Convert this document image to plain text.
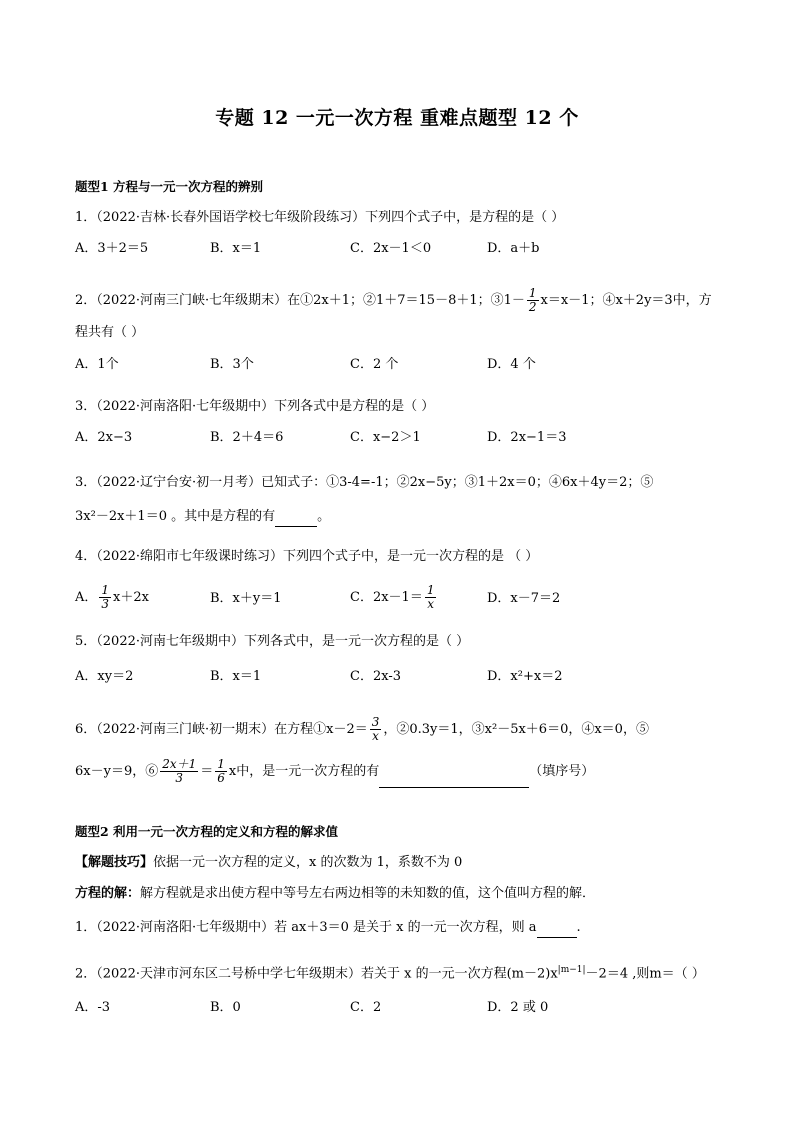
专题 12 一元一次方程 重难点题型 12 个
题型1 方程与一元一次方程的辨别
1．（2022·吉林·长春外国语学校七年级阶段练习）下列四个式子中，是方程的是（ ）
A．3＋2＝5	B．x＝1	C．2x－1＜0	D．a＋b
2．（2022·河南三门峡·七年级期末）在①2x＋1；②1＋7＝15－8＋1；③1－ $\frac{1}{2} x=x-1$；④x＋2y＝3中，方
程共有（ ）
A．1个	B．3个	C．2 个	D．4 个
3．（2022·河南洛阳·七年级期中）下列各式中是方程的是（ ）
A．2x−3	B．2＋4＝6	C．x−2＞1	D．2x−1＝3
3．（2022·辽宁台安·初一月考）已知式子：①3-4=-1；②2x−5y；③1＋2x＝0；④6x＋4y＝2；⑤
3x²－2x＋1＝0 。其中是方程的有	。
4．（2022·绵阳市七年级课时练习）下列四个式子中，是一元一次方程的是 （ ）
A． $\frac{1}{3} x+2x$	B．x＋y＝1	C．$2x-1= \frac{1}{x}$	D．x－7＝2
5．（2022·河南七年级期中）下列各式中，是一元一次方程的是（ ）
A．xy＝2	B．x＝1	C．2x-3	D．x²+x＝2
6．（2022·河南三门峡·初一期末）在方程①x－2＝ $\frac{3}{x}$ ，②0.3y＝1，③x²－5x＋6＝0，④x＝0，⑤
6x－y＝9，⑥ $\frac{2x+1}{3} = \frac{1}{6}$ x中，是一元一次方程的有	（填序号）
题型2 利用一元一次方程的定义和方程的解求值
【解题技巧】依据一元一次方程的定义，x 的次数为 1，系数不为 0
方程的解：解方程就是求出使方程中等号左右两边相等的未知数的值，这个值叫方程的解．
1．（2022·河南洛阳·七年级期中）若 ax＋3＝0 是关于 x 的一元一次方程，则 a	.
2．（2022·天津市河东区二号桥中学七年级期末）若关于 x 的一元一次方程$(m-2)x^{|m-1|}-2=4$ ,则m＝（ ）
A．-3	B．0	C．2	D．2 或 0
